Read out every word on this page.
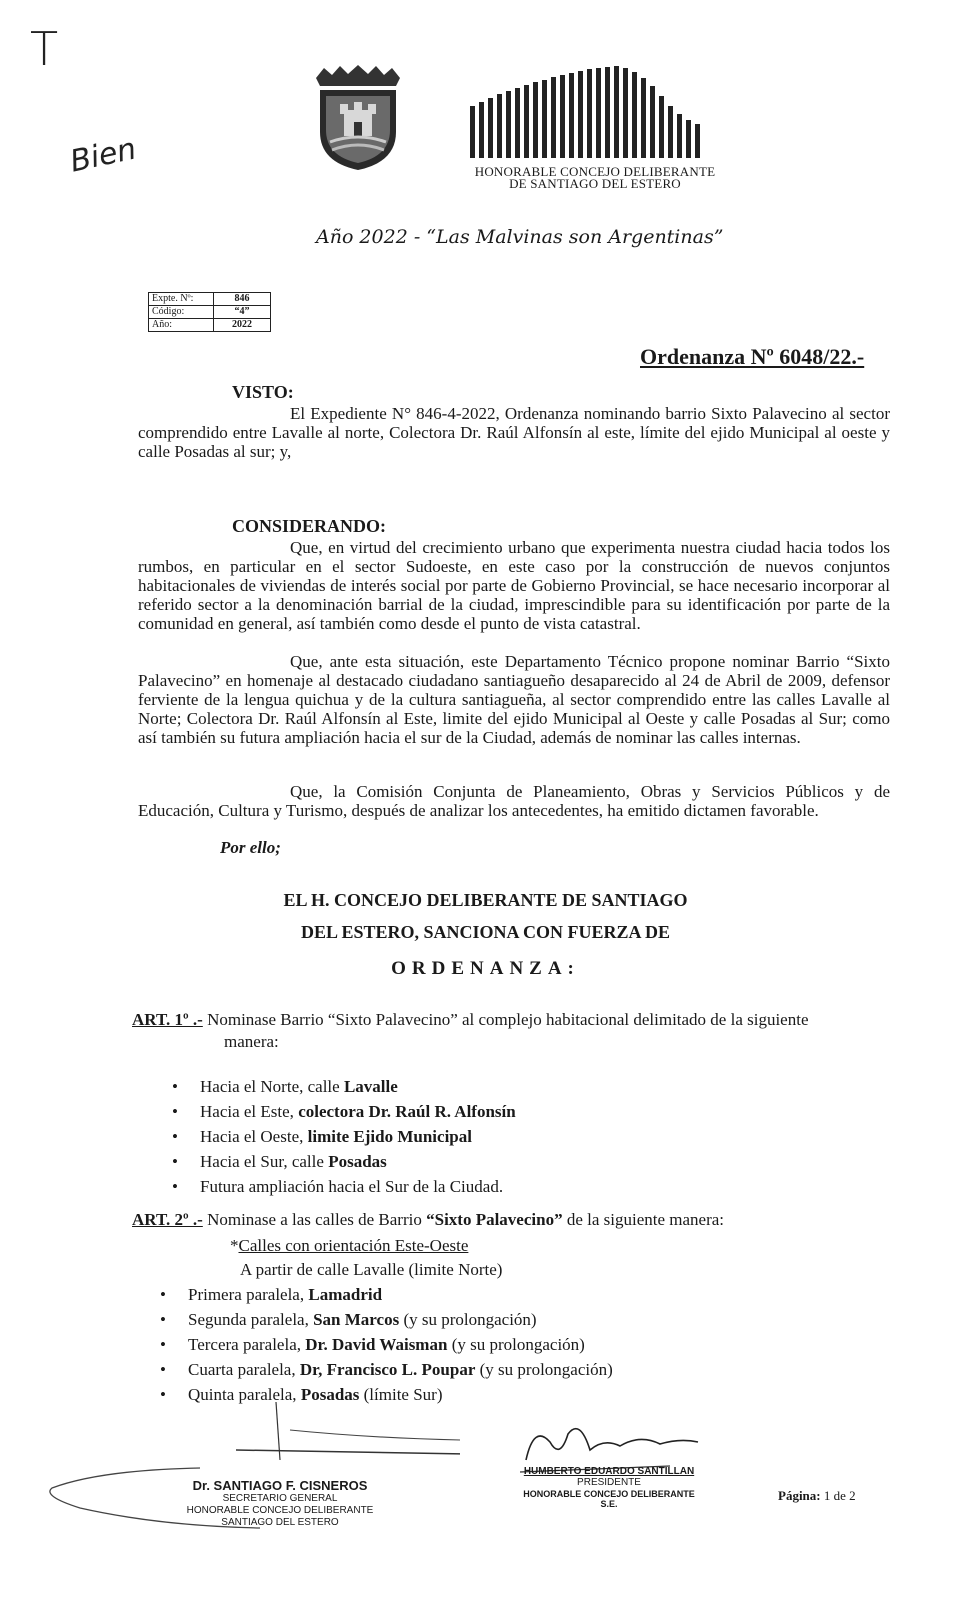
T
Bien	HONORABLE CONCEJO DELIBERANTE
DE SANTIAGO DEL ESTERO
Año 2022 - “Las Malvinas son Argentinas”
Expte. Nº:	846
Código:	“4”
Año:	2022
Ordenanza Nº 6048/22.-
VISTO:
El Expediente N° 846-4-2022, Ordenanza nominando barrio Sixto Palavecino al sector comprendido entre Lavalle al norte, Colectora Dr. Raúl Alfonsín al este, límite del ejido Municipal al oeste y calle Posadas al sur; y,
CONSIDERANDO:
Que, en virtud del crecimiento urbano que experimenta nuestra ciudad hacia todos los rumbos, en particular en el sector Sudoeste, en este caso por la construcción de nuevos conjuntos habitacionales de viviendas de interés social por parte de Gobierno Provincial, se hace necesario incorporar al referido sector a la denominación barrial de la ciudad, imprescindible para su identificación por parte de la comunidad en general, así también como desde el punto de vista catastral.
Que, ante esta situación, este Departamento Técnico propone nominar Barrio “Sixto Palavecino” en homenaje al destacado ciudadano santiagueño desaparecido al 24 de Abril de 2009, defensor ferviente de la lengua quichua y de la cultura santiagueña, al sector comprendido entre las calles Lavalle al Norte; Colectora Dr. Raúl Alfonsín al Este, limite del ejido Municipal al Oeste y calle Posadas al Sur; como así también su futura ampliación hacia el sur de la Ciudad, además de nominar las calles internas.
Que, la Comisión Conjunta de Planeamiento, Obras y Servicios Públicos y de Educación, Cultura y Turismo, después de analizar los antecedentes, ha emitido dictamen favorable.
Por ello;
EL H. CONCEJO DELIBERANTE DE SANTIAGO
DEL ESTERO, SANCIONA CON FUERZA DE
ORDENANZA:
ART. 1º .- Nominase Barrio “Sixto Palavecino” al complejo habitacional delimitado de la siguiente
manera:
• Hacia el Norte, calle Lavalle
• Hacia el Este, colectora Dr. Raúl R. Alfonsín
• Hacia el Oeste, limite Ejido Municipal
• Hacia el Sur, calle Posadas
• Futura ampliación hacia el Sur de la Ciudad.
ART. 2º .- Nominase a las calles de Barrio “Sixto Palavecino” de la siguiente manera:
*Calles con orientación Este-Oeste
A partir de calle Lavalle (limite Norte)
• Primera paralela, Lamadrid
• Segunda paralela, San Marcos (y su prolongación)
• Tercera paralela, Dr. David Waisman (y su prolongación)
• Cuarta paralela, Dr, Francisco L. Poupar (y su prolongación)
• Quinta paralela, Posadas (límite Sur)
Dr. SANTIAGO F. CISNEROS
SECRETARIO GENERAL
HONORABLE CONCEJO DELIBERANTE
SANTIAGO DEL ESTERO
HUMBERTO EDUARDO SANTILLAN
PRESIDENTE
HONORABLE CONCEJO DELIBERANTE S.E.
Página: 1 de 2
